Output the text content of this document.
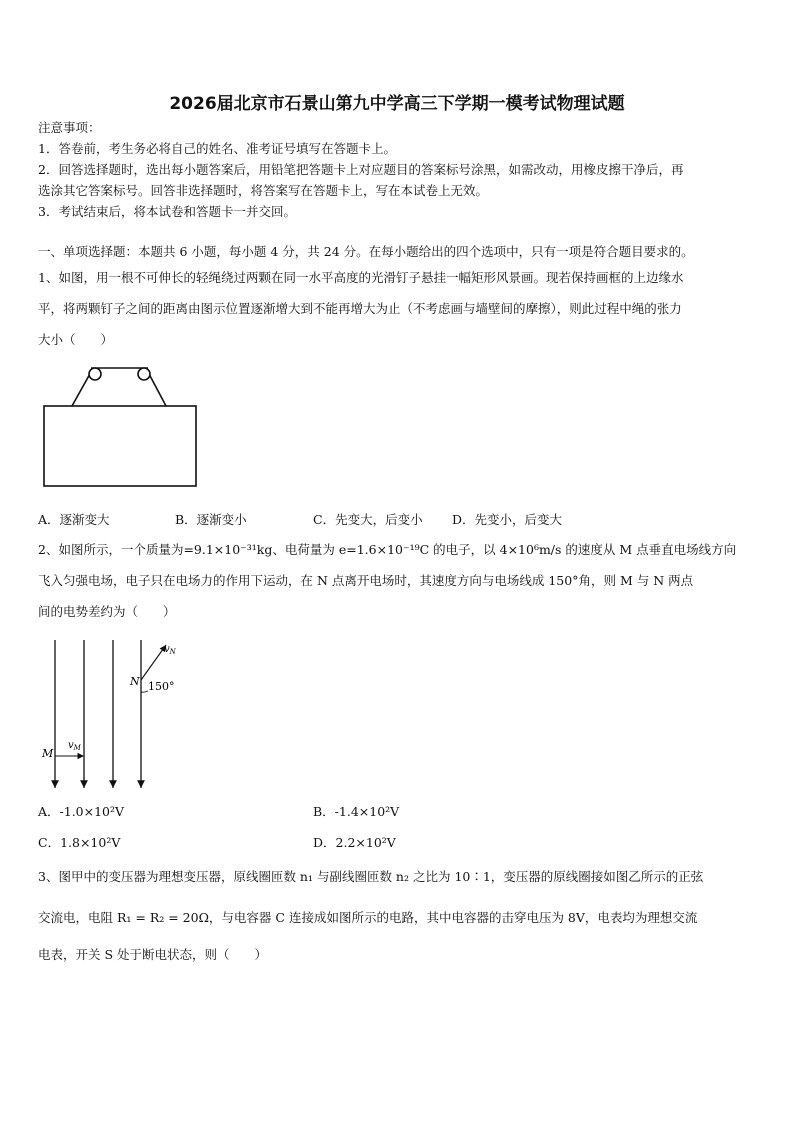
2026届北京市石景山第九中学高三下学期一模考试物理试题
注意事项：
1．答卷前，考生务必将自己的姓名、准考证号填写在答题卡上。
2．回答选择题时，选出每小题答案后，用铅笔把答题卡上对应题目的答案标号涂黑，如需改动，用橡皮擦干净后，再
选涂其它答案标号。回答非选择题时，将答案写在答题卡上，写在本试卷上无效。
3．考试结束后，将本试卷和答题卡一并交回。
一、单项选择题：本题共 6 小题，每小题 4 分，共 24 分。在每小题给出的四个选项中，只有一项是符合题目要求的。
1、如图，用一根不可伸长的轻绳绕过两颗在同一水平高度的光滑钉子悬挂一幅矩形风景画。现若保持画框的上边缘水
平，将两颗钉子之间的距离由图示位置逐渐增大到不能再增大为止（不考虑画与墙壁间的摩擦），则此过程中绳的张力
大小（　　）
A．逐渐变大	B．逐渐变小	C．先变大，后变小 D．先变小，后变大
2、如图所示，一个质量为=9.1×10⁻³¹kg、电荷量为 e=1.6×10⁻¹⁹C 的电子，以 4×10⁶m/s 的速度从 M 点垂直电场线方向
飞入匀强电场，电子只在电场力的作用下运动，在 N 点离开电场时，其速度方向与电场线成 150°角，则 M 与 N 两点
间的电势差约为（　　）
M
$v_M$
N
$v_N$
150°
A．-1.0×10²V	B．-1.4×10²V
C．1.8×10²V	D．2.2×10²V
3、图甲中的变压器为理想变压器，原线圈匝数 n₁ 与副线圈匝数 n₂ 之比为 10∶1，变压器的原线圈接如图乙所示的正弦
交流电，电阻 R₁ = R₂ = 20Ω，与电容器 C 连接成如图所示的电路，其中电容器的击穿电压为 8V，电表均为理想交流
电表，开关 S 处于断电状态，则（　　）
